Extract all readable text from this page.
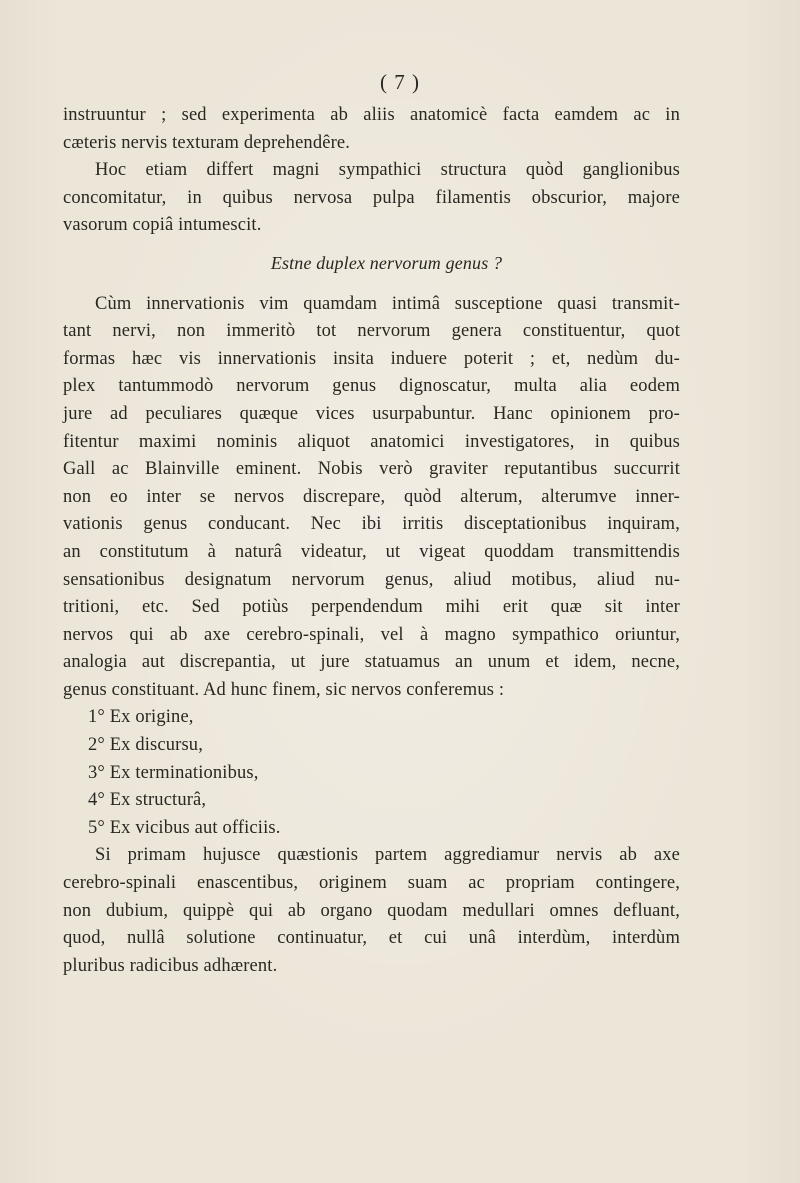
( 7 )
instruuntur ; sed experimenta ab aliis anatomicè facta eamdem ac in
cæteris nervis texturam deprehendêre.
Hoc etiam differt magni sympathici structura quòd ganglionibus
concomitatur, in quibus nervosa pulpa filamentis obscurior, majore
vasorum copiâ intumescit.
Estne duplex nervorum genus ?
Cùm innervationis vim quamdam intimâ susceptione quasi transmit-
tant nervi, non immeritò tot nervorum genera constituentur, quot
formas hæc vis innervationis insita induere poterit ; et, nedùm du-
plex tantummodò nervorum genus dignoscatur, multa alia eodem
jure ad peculiares quæque vices usurpabuntur. Hanc opinionem pro-
fitentur maximi nominis aliquot anatomici investigatores, in quibus
Gall ac Blainville eminent. Nobis verò graviter reputantibus succurrit
non eo inter se nervos discrepare, quòd alterum, alterumve inner-
vationis genus conducant. Nec ibi irritis disceptationibus inquiram,
an constitutum à naturâ videatur, ut vigeat quoddam transmittendis
sensationibus designatum nervorum genus, aliud motibus, aliud nu-
tritioni, etc. Sed potiùs perpendendum mihi erit quæ sit inter
nervos qui ab axe cerebro-spinali, vel à magno sympathico oriuntur,
analogia aut discrepantia, ut jure statuamus an unum et idem, necne,
genus constituant. Ad hunc finem, sic nervos conferemus :
1° Ex origine,
2° Ex discursu,
3° Ex terminationibus,
4° Ex structurâ,
5° Ex vicibus aut officiis.
Si primam hujusce quæstionis partem aggrediamur nervis ab axe
cerebro-spinali enascentibus, originem suam ac propriam contingere,
non dubium, quippè qui ab organo quodam medullari omnes defluant,
quod, nullâ solutione continuatur, et cui unâ interdùm, interdùm
pluribus radicibus adhærent.
